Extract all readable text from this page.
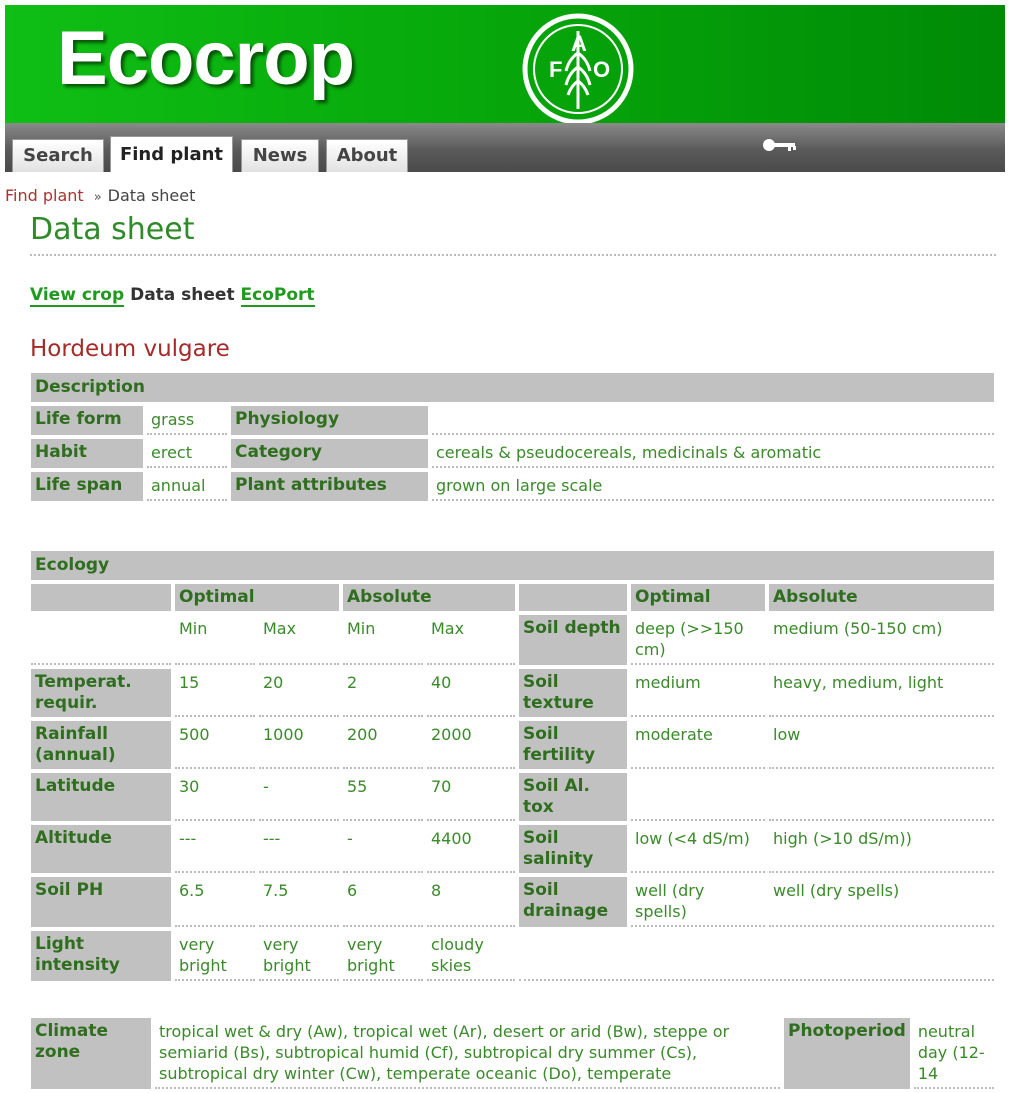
Ecocrop	F
A
O
Search	Find plant	News	About
Find plant » Data sheet
Data sheet
View crop Data sheet EcoPort
Hordeum vulgare
Description			
Life form	grass	Physiology	
Habit	erect	Category	cereals & pseudocereals, medicinals & aromatic
Life span	annual	Plant attributes	grown on large scale
Ecology							
	Optimal		Absolute			Optimal	Absolute
	Min	Max	Min	Max	Soil depth	deep (>>150 cm)	medium (50-150 cm)
Temperat. requir.	15	20	2	40	Soil texture	medium	heavy, medium, light
Rainfall (annual)	500	1000	200	2000	Soil fertility	moderate	low
Latitude	30	-	55	70	Soil Al. tox		
Altitude	---	---	-	4400	Soil salinity	low (<4 dS/m)	high (>10 dS/m))
Soil PH	6.5	7.5	6	8	Soil drainage	well (dry spells)	well (dry spells)
Light intensity	very bright	very bright	very bright	cloudy skies			
Climate zone	tropical wet & dry (Aw), tropical wet (Ar), desert or arid (Bw), steppe or semiarid (Bs), subtropical humid (Cf), subtropical dry summer (Cs), subtropical dry winter (Cw), temperate oceanic (Do), temperate	Photoperiod	neutral day (12-14
